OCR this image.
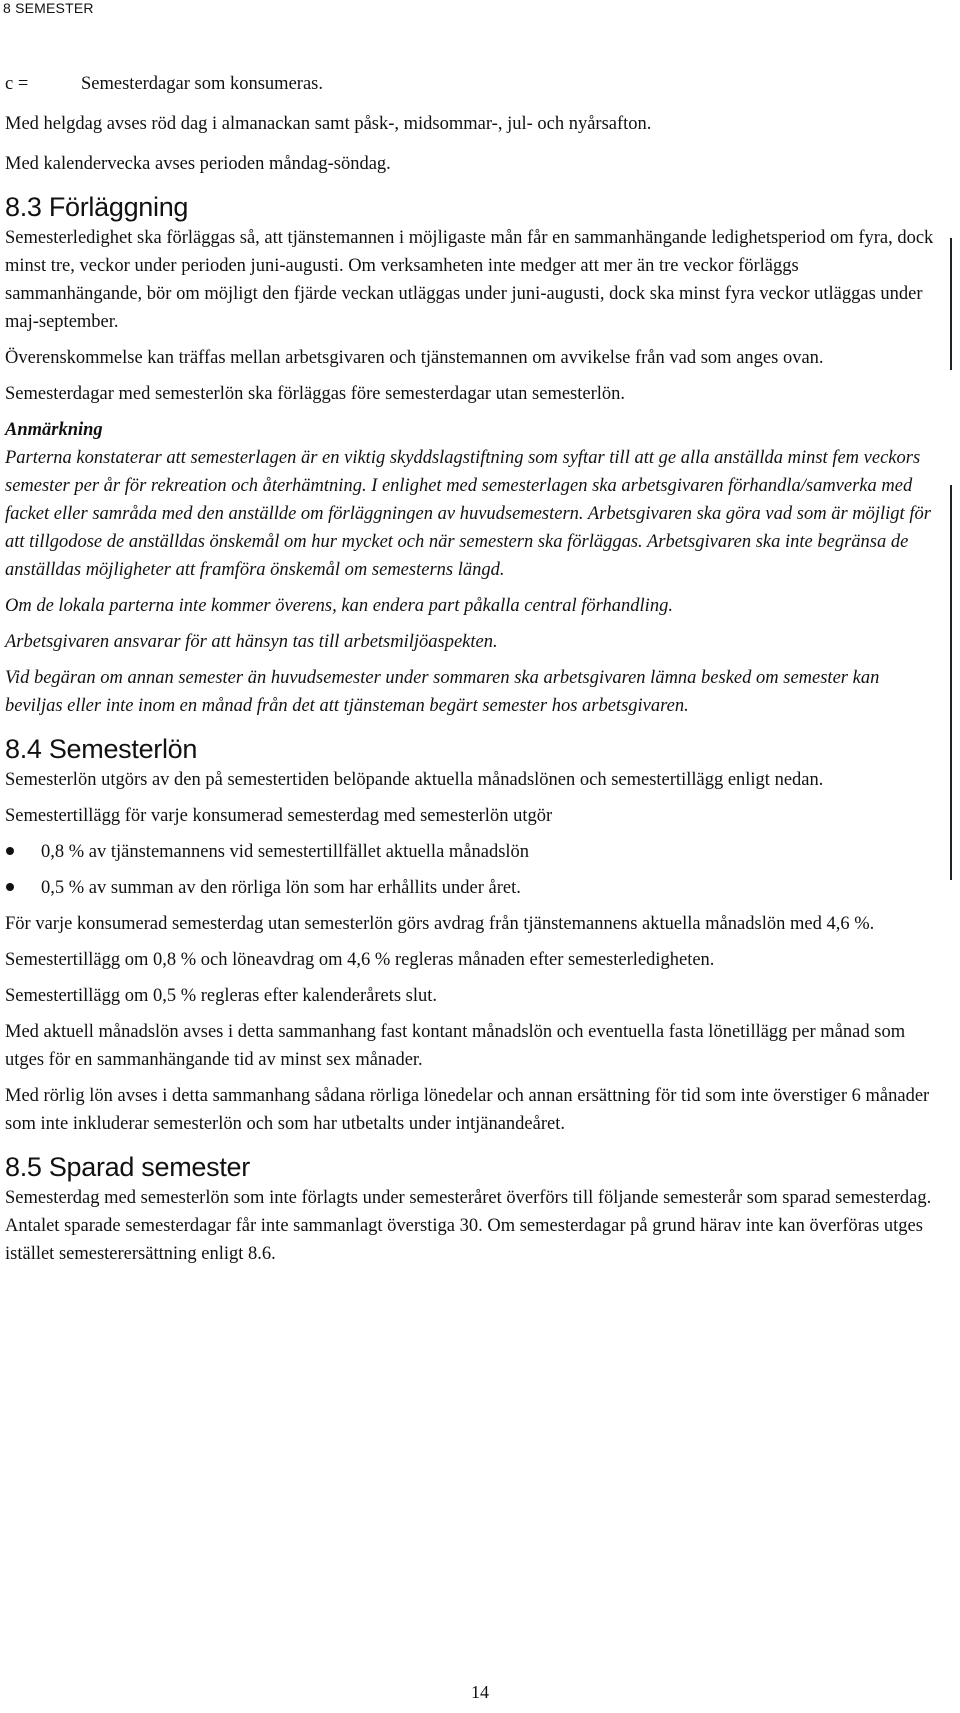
8 SEMESTER
c =	Semesterdagar som konsumeras.

Med helgdag avses röd dag i almanackan samt påsk-, midsommar-, jul- och nyårsafton.

Med kalendervecka avses perioden måndag-söndag.

8.3 Förläggning

Semesterledighet ska förläggas så, att tjänstemannen i möjligaste mån får en sammanhängande ledighetsperiod om fyra, dock minst tre, veckor under perioden juni-augusti. Om verksamheten inte medger att mer än tre veckor förläggs sammanhängande, bör om möjligt den fjärde veckan utläggas under juni-augusti, dock ska minst fyra veckor utläggas under maj-september.

Överenskommelse kan träffas mellan arbetsgivaren och tjänstemannen om avvikelse från vad som anges ovan.

Semesterdagar med semesterlön ska förläggas före semesterdagar utan semesterlön.

Anmärkning

Parterna konstaterar att semesterlagen är en viktig skyddslagstiftning som syftar till att ge alla anställda minst fem veckors semester per år för rekreation och återhämtning. I enlighet med semesterlagen ska arbetsgivaren förhandla/samverka med facket eller samråda med den anställde om förläggningen av huvudsemestern. Arbetsgivaren ska göra vad som är möjligt för att tillgodose de anställdas önskemål om hur mycket och när semestern ska förläggas. Arbetsgivaren ska inte begränsa de anställdas möjligheter att framföra önskemål om semesterns längd.

Om de lokala parterna inte kommer överens, kan endera part påkalla central förhandling.

Arbetsgivaren ansvarar för att hänsyn tas till arbetsmiljöaspekten.

Vid begäran om annan semester än huvudsemester under sommaren ska arbetsgivaren lämna besked om semester kan beviljas eller inte inom en månad från det att tjänsteman begärt semester hos arbetsgivaren.

8.4 Semesterlön

Semesterlön utgörs av den på semestertiden belöpande aktuella månadslönen och semestertillägg enligt nedan.

Semestertillägg för varje konsumerad semesterdag med semesterlön utgör

0,8 % av tjänstemannens vid semestertillfället aktuella månadslön
0,5 % av summan av den rörliga lön som har erhållits under året.

För varje konsumerad semesterdag utan semesterlön görs avdrag från tjänstemannens aktuella månadslön med 4,6 %.

Semestertillägg om 0,8 % och löneavdrag om 4,6 % regleras månaden efter semesterledigheten.

Semestertillägg om 0,5 % regleras efter kalenderårets slut.

Med aktuell månadslön avses i detta sammanhang fast kontant månadslön och eventuella fasta lönetillägg per månad som utges för en sammanhängande tid av minst sex månader.

Med rörlig lön avses i detta sammanhang sådana rörliga lönedelar och annan ersättning för tid som inte överstiger 6 månader som inte inkluderar semesterlön och som har utbetalts under intjänandeåret.

8.5 Sparad semester

Semesterdag med semesterlön som inte förlagts under semesteråret överförs till följande semesterår som sparad semesterdag. Antalet sparade semesterdagar får inte sammanlagt överstiga 30. Om semesterdagar på grund härav inte kan överföras utges istället semesterersättning enligt 8.6.

14
